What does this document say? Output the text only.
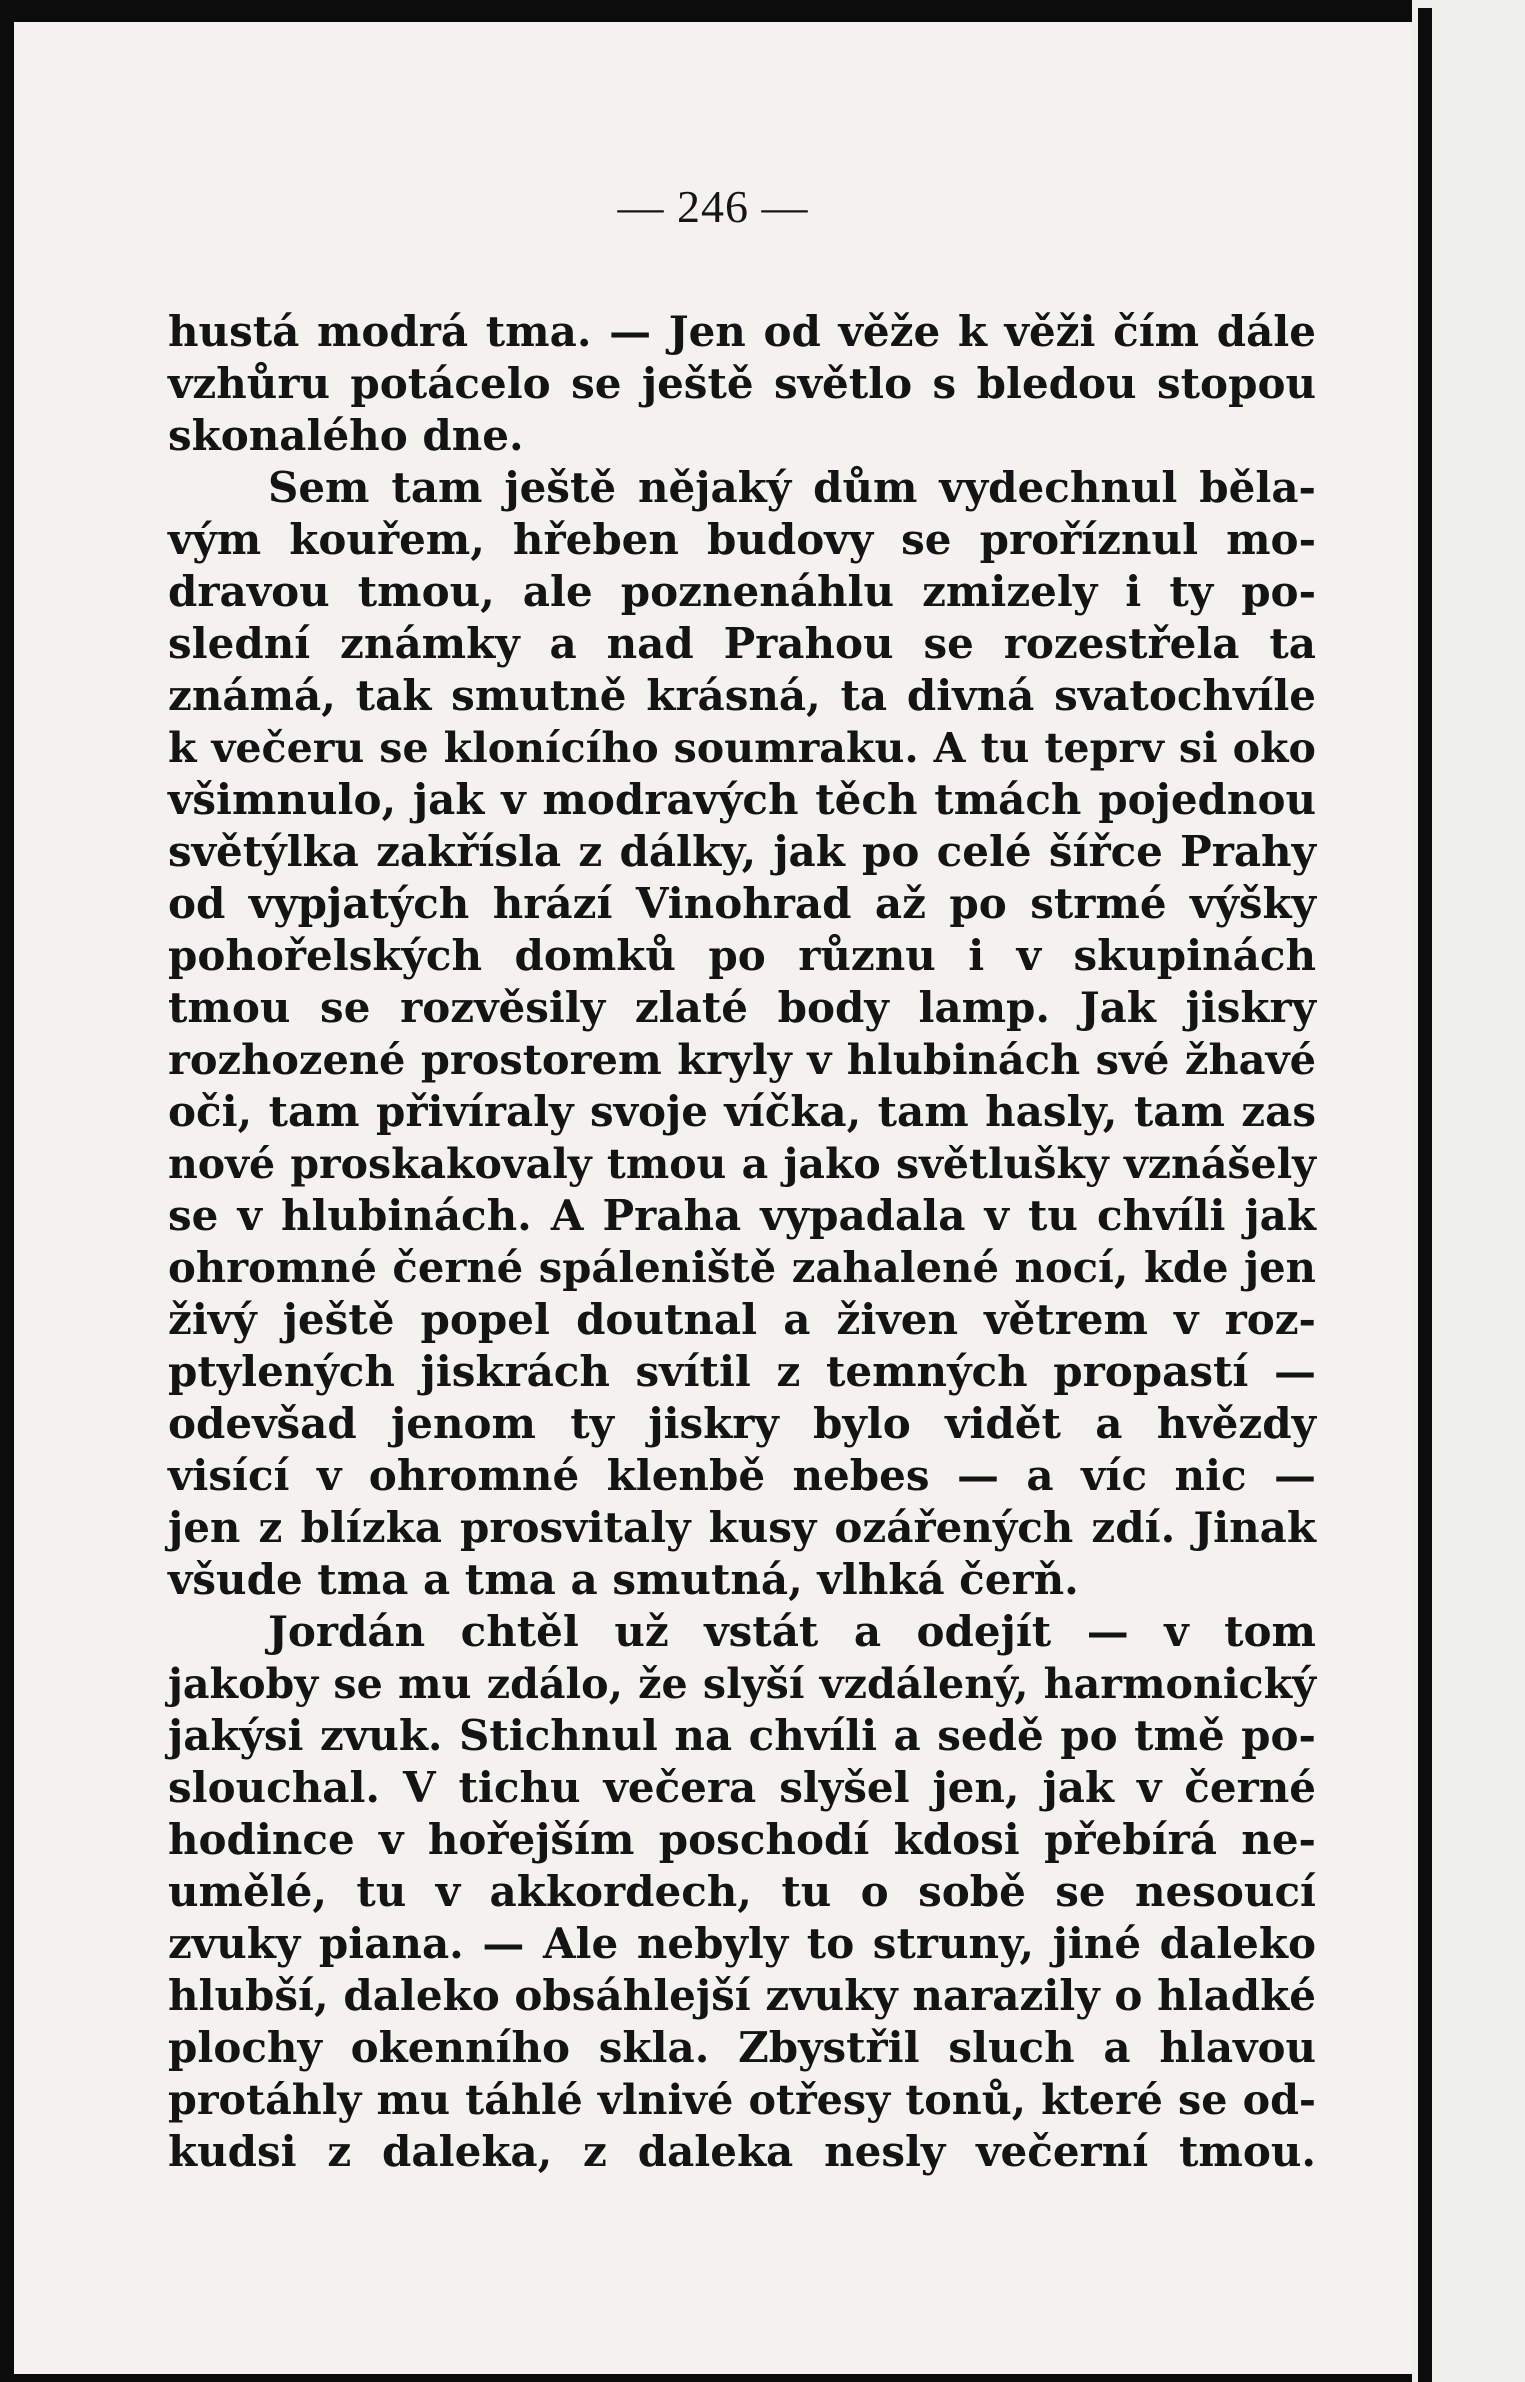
— 246 —
hustá modrá tma. — Jen od věže k věži čím dále
vzhůru potácelo se ještě světlo s bledou stopou
skonalého dne.
Sem tam ještě nějaký dům vydechnul běla-
vým kouřem, hřeben budovy se proříznul mo-
dravou tmou, ale poznenáhlu zmizely i ty po-
slední známky a nad Prahou se rozestřela ta
známá, tak smutně krásná, ta divná svatochvíle
k večeru se klonícího soumraku. A tu teprv si oko
všimnulo, jak v modravých těch tmách pojednou
světýlka zakřísla z dálky, jak po celé šířce Prahy
od vypjatých hrází Vinohrad až po strmé výšky
pohořelských domků po různu i v skupinách
tmou se rozvěsily zlaté body lamp. Jak jiskry
rozhozené prostorem kryly v hlubinách své žhavé
oči, tam přivíraly svoje víčka, tam hasly, tam zas
nové proskakovaly tmou a jako světlušky vznášely
se v hlubinách. A Praha vypadala v tu chvíli jak
ohromné černé spáleniště zahalené nocí, kde jen
živý ještě popel doutnal a živen větrem v roz-
ptylených jiskrách svítil z temných propastí —
odevšad jenom ty jiskry bylo vidět a hvězdy
visící v ohromné klenbě nebes — a víc nic —
jen z blízka prosvitaly kusy ozářených zdí. Jinak
všude tma a tma a smutná, vlhká čerň.
Jordán chtěl už vstát a odejít — v tom
jakoby se mu zdálo, že slyší vzdálený, harmonický
jakýsi zvuk. Stichnul na chvíli a sedě po tmě po-
slouchal. V tichu večera slyšel jen, jak v černé
hodince v hořejším poschodí kdosi přebírá ne-
umělé, tu v akkordech, tu o sobě se nesoucí
zvuky piana. — Ale nebyly to struny, jiné daleko
hlubší, daleko obsáhlejší zvuky narazily o hladké
plochy okenního skla. Zbystřil sluch a hlavou
protáhly mu táhlé vlnivé otřesy tonů, které se od-
kudsi z daleka, z daleka nesly večerní tmou.
